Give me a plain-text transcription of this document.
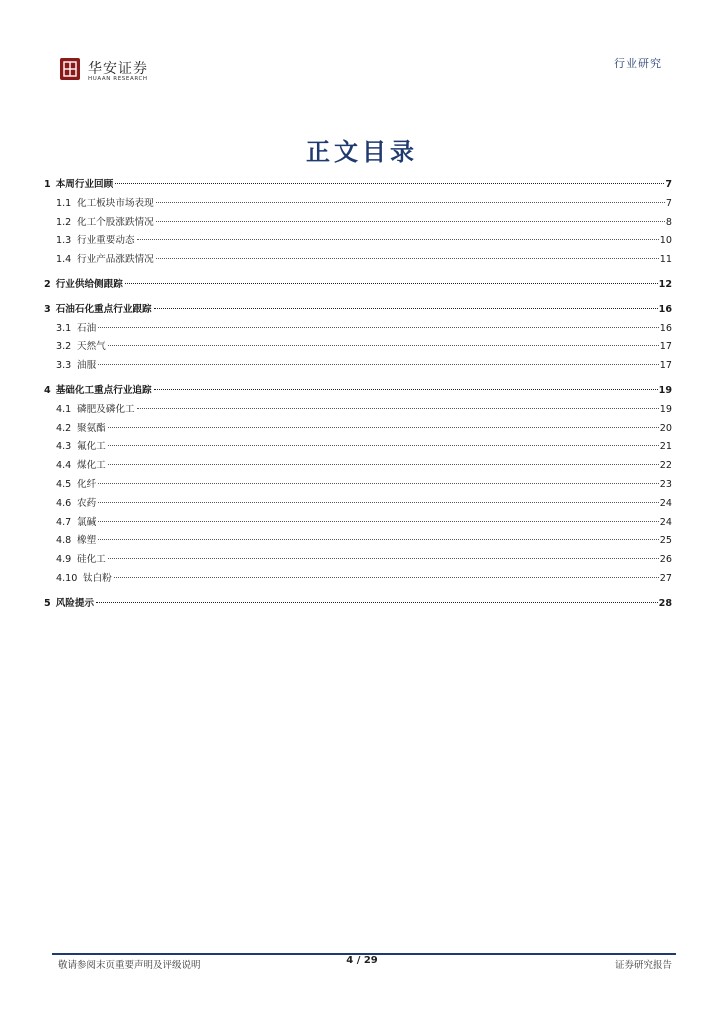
华安证券
HUAAN RESEARCH
行业研究
正文目录
1 本周行业回顾	7
1.1 化工板块市场表现	7
1.2 化工个股涨跌情况	8
1.3 行业重要动态	10
1.4 行业产品涨跌情况	11
2 行业供给侧跟踪	12
3 石油石化重点行业跟踪	16
3.1 石油	16
3.2 天然气	17
3.3 油服	17
4 基础化工重点行业追踪	19
4.1 磷肥及磷化工	19
4.2 聚氨酯	20
4.3 氟化工	21
4.4 煤化工	22
4.5 化纤	23
4.6 农药	24
4.7 氯碱	24
4.8 橡塑	25
4.9 硅化工	26
4.10 钛白粉	27
5 风险提示	28
敬请参阅末页重要声明及评级说明	4 / 29	证券研究报告
